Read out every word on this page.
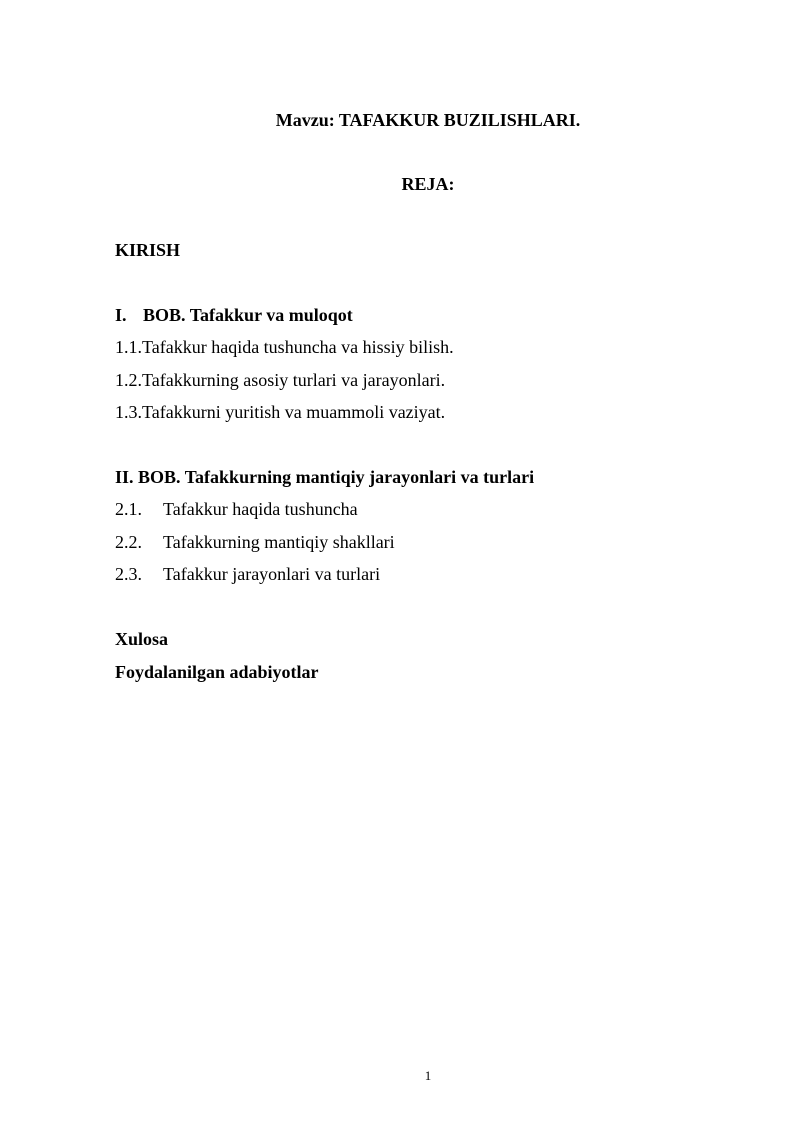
Mavzu: TAFAKKUR BUZILISHLARI.
REJA:
KIRISH
I. BOB. Tafakkur va muloqot
1.1.Tafakkur haqida tushuncha va hissiy bilish.
1.2.Tafakkurning asosiy turlari va jarayonlari.
1.3.Tafakkurni yuritish va muammoli vaziyat.
II. BOB. Tafakkurning mantiqiy jarayonlari va turlari
2.1. Tafakkur haqida tushuncha
2.2. Tafakkurning mantiqiy shakllari
2.3. Tafakkur jarayonlari va turlari
Xulosa
Foydalanilgan adabiyotlar
1
